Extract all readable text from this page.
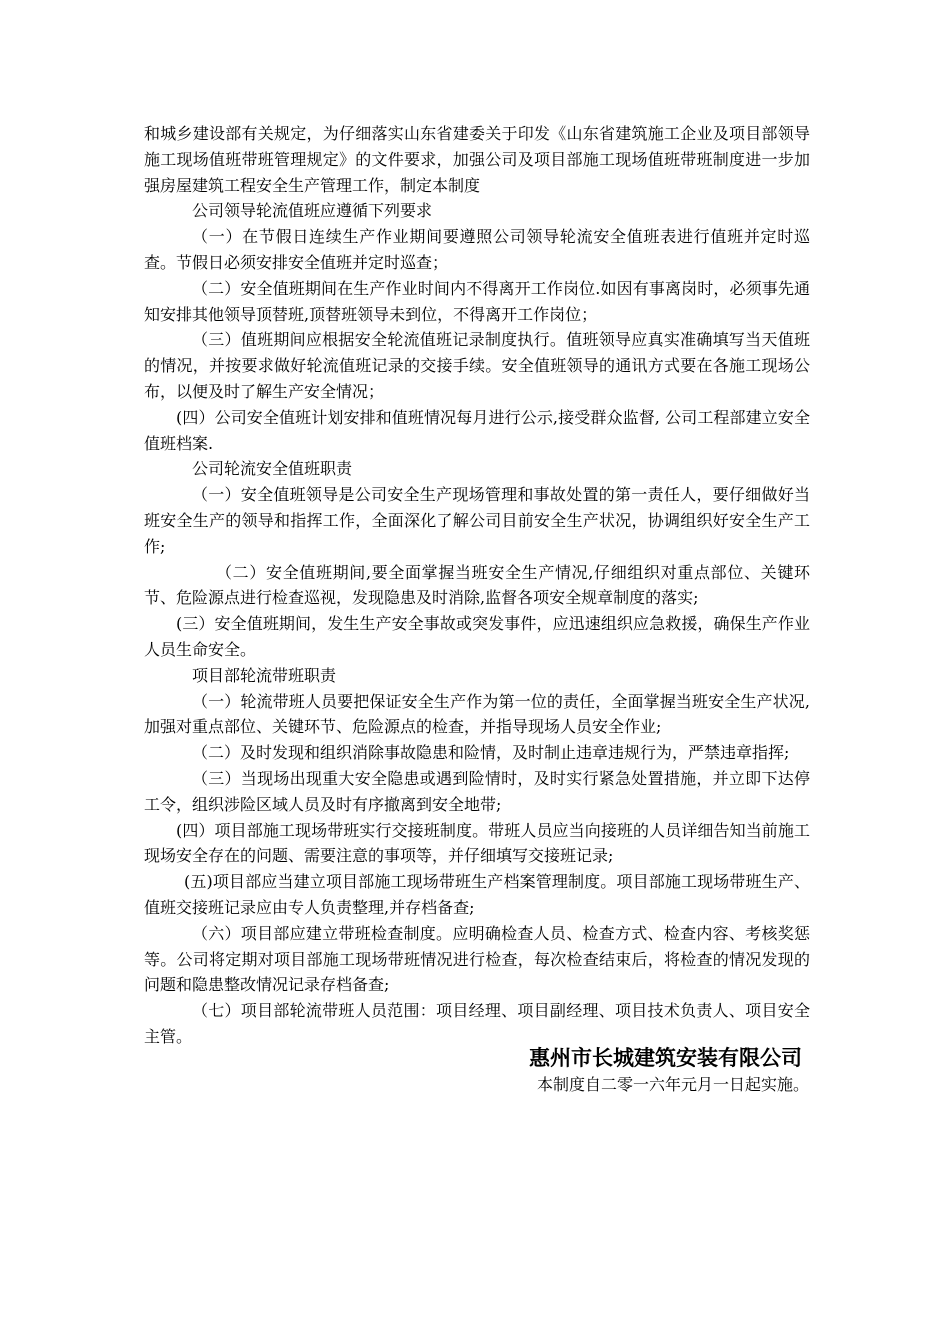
和城乡建设部有关规定，为仔细落实山东省建委关于印发《山东省建筑施工企业及项目部领导施工现场值班带班管理规定》的文件要求，加强公司及项目部施工现场值班带班制度进一步加强房屋建筑工程安全生产管理工作，制定本制度

公司领导轮流值班应遵循下列要求

（一）在节假日连续生产作业期间要遵照公司领导轮流安全值班表进行值班并定时巡查。节假日必须安排安全值班并定时巡查；

（二）安全值班期间在生产作业时间内不得离开工作岗位.如因有事离岗时，必须事先通知安排其他领导顶替班,顶替班领导未到位，不得离开工作岗位；

（三）值班期间应根据安全轮流值班记录制度执行。值班领导应真实准确填写当天值班的情况，并按要求做好轮流值班记录的交接手续。安全值班领导的通讯方式要在各施工现场公布，以便及时了解生产安全情况；

(四）公司安全值班计划安排和值班情况每月进行公示,接受群众监督, 公司工程部建立安全值班档案.

公司轮流安全值班职责

（一）安全值班领导是公司安全生产现场管理和事故处置的第一责任人，要仔细做好当班安全生产的领导和指挥工作，全面深化了解公司目前安全生产状况，协调组织好安全生产工作;

（二）安全值班期间,要全面掌握当班安全生产情况,仔细组织对重点部位、关键环节、危险源点进行检查巡视，发现隐患及时消除,监督各项安全规章制度的落实;

(三）安全值班期间，发生生产安全事故或突发事件，应迅速组织应急救援，确保生产作业人员生命安全。

项目部轮流带班职责

（一）轮流带班人员要把保证安全生产作为第一位的责任，全面掌握当班安全生产状况,加强对重点部位、关键环节、危险源点的检查，并指导现场人员安全作业;

（二）及时发现和组织消除事故隐患和险情，及时制止违章违规行为，严禁违章指挥;

（三）当现场出现重大安全隐患或遇到险情时，及时实行紧急处置措施，并立即下达停工令，组织涉险区域人员及时有序撤离到安全地带;

(四）项目部施工现场带班实行交接班制度。带班人员应当向接班的人员详细告知当前施工现场安全存在的问题、需要注意的事项等，并仔细填写交接班记录;

(五)项目部应当建立项目部施工现场带班生产档案管理制度。项目部施工现场带班生产、值班交接班记录应由专人负责整理,并存档备查;

（六）项目部应建立带班检查制度。应明确检查人员、检查方式、检查内容、考核奖惩等。公司将定期对项目部施工现场带班情况进行检查，每次检查结束后，将检查的情况发现的问题和隐患整改情况记录存档备查;

（七）项目部轮流带班人员范围：项目经理、项目副经理、项目技术负责人、项目安全主管。

惠州市长城建筑安装有限公司
本制度自二零一六年元月一日起实施。
